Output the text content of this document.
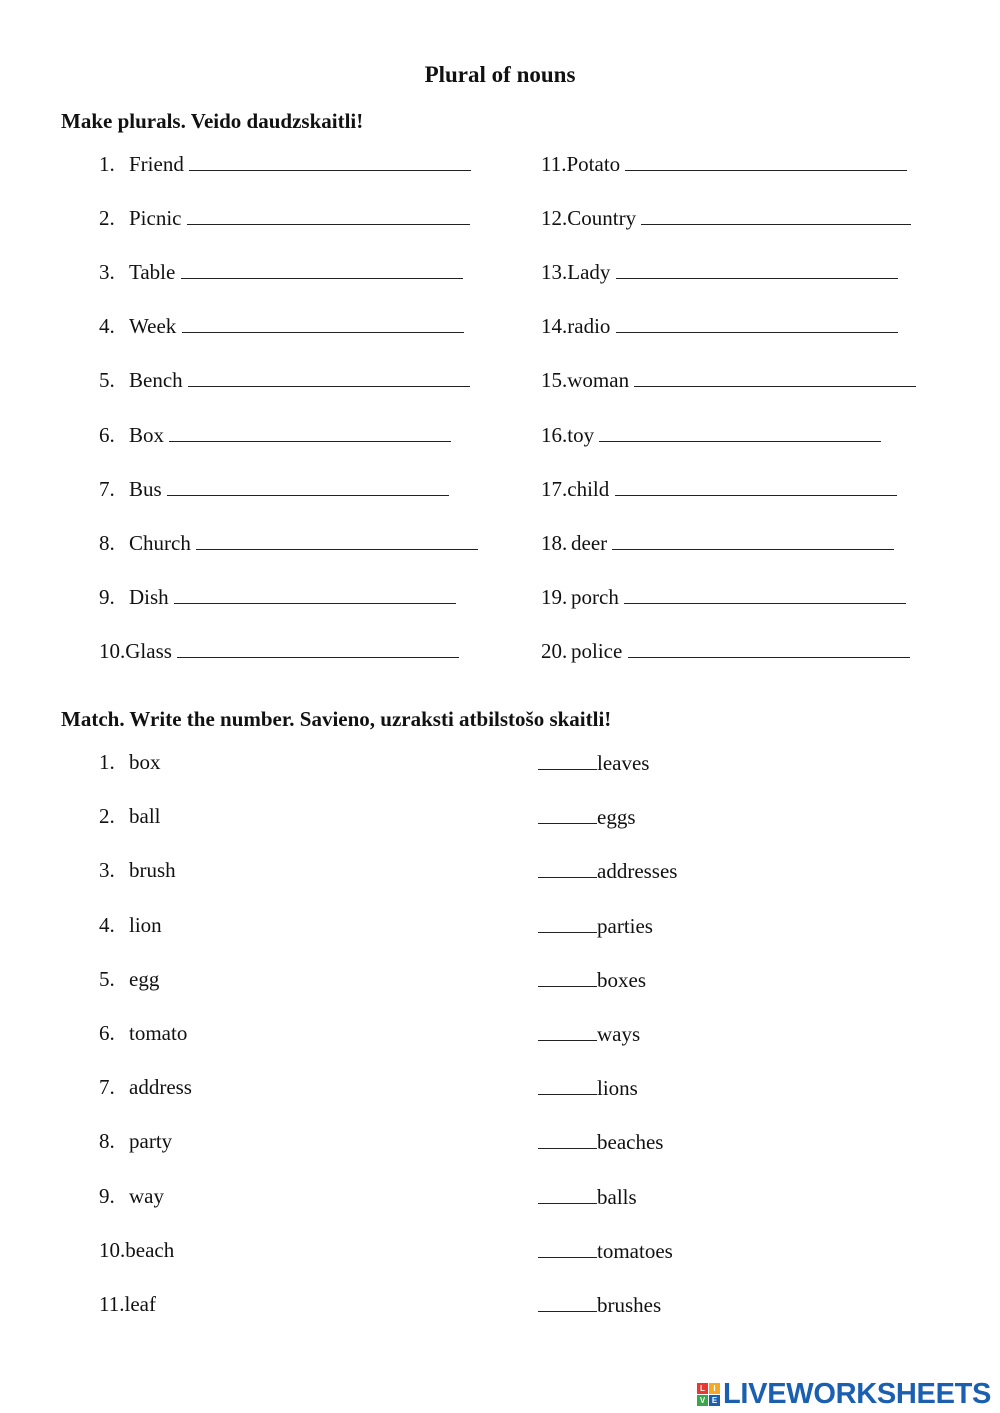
Plural of nouns
Make plurals. Veido daudzskaitli!
1. Friend
2. Picnic
3. Table
4. Week
5. Bench
6. Box
7. Bus
8. Church
9. Dish
10.Glass
11.Potato
12.Country
13.Lady
14.radio
15.woman
16.toy
17.child
18. deer
19. porch
20. police
Match. Write the number. Savieno, uzraksti atbilstošo skaitli!
1. box
2. ball
3. brush
4. lion
5. egg
6. tomato
7. address
8. party
9. way
10.beach
11.leaf
leaves
eggs
addresses
parties
boxes
ways
lions
beaches
balls
tomatoes
brushes
L	I
V E LIVEWORKSHEETS
